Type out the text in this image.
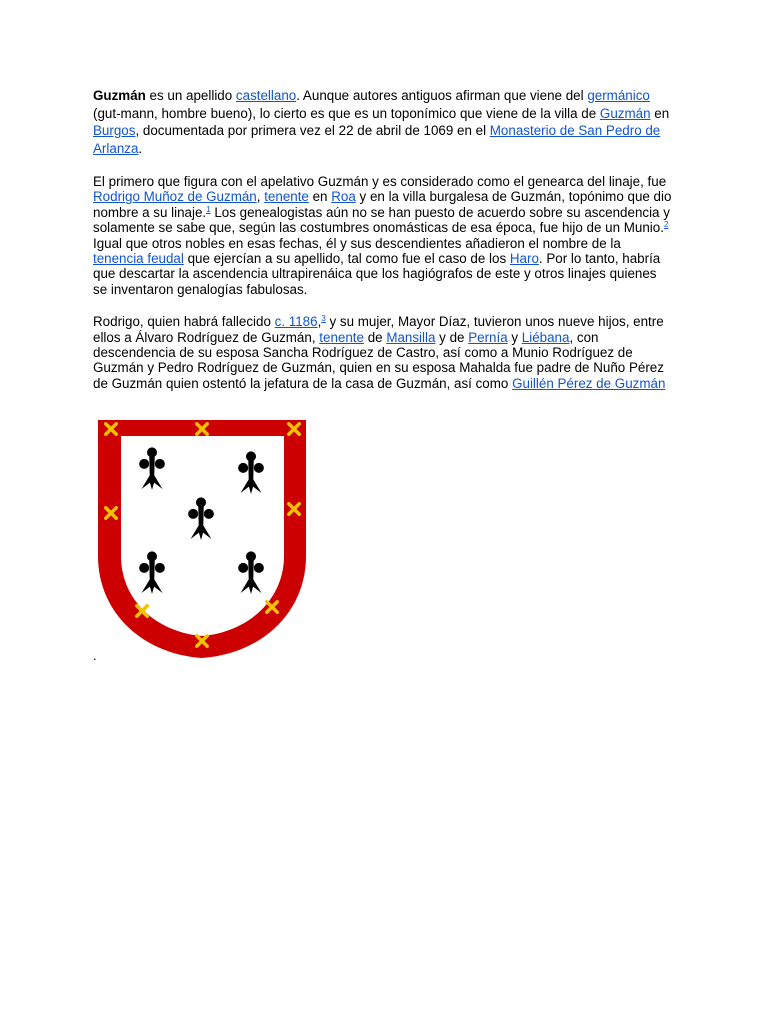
Guzmán es un apellido castellano. Aunque autores antiguos afirman que viene del germánico (gut-mann, hombre bueno), lo cierto es que es un toponímico que viene de la villa de Guzmán en Burgos, documentada por primera vez el 22 de abril de 1069 en el Monasterio de San Pedro de Arlanza.

El primero que figura con el apelativo Guzmán y es considerado como el genearca del linaje, fue Rodrigo Muñoz de Guzmán, tenente en Roa y en la villa burgalesa de Guzmán, topónimo que dio nombre a su linaje.$^1$ Los genealogistas aún no se han puesto de acuerdo sobre su ascendencia y solamente se sabe que, según las costumbres onomásticas de esa época, fue hijo de un Munio.$^2$ Igual que otros nobles en esas fechas, él y sus descendientes añadieron el nombre de la tenencia feudal que ejercían a su apellido, tal como fue el caso de los Haro. Por lo tanto, habría que descartar la ascendencia ultrapirenáica que los hagiógrafos de este y otros linajes quienes se inventaron genalogías fabulosas.

Rodrigo, quien habrá fallecido c. 1186,$^3$ y su mujer, Mayor Díaz, tuvieron unos nueve hijos, entre ellos a Álvaro Rodríguez de Guzmán, tenente de Mansilla y de Pernía y Liébana, con descendencia de su esposa Sancha Rodríguez de Castro, así como a Munio Rodríguez de Guzmán y Pedro Rodríguez de Guzmán, quien en su esposa Mahalda fue padre de Nuño Pérez de Guzmán quien ostentó la jefatura de la casa de Guzmán, así como Guillén Pérez de Guzmán

.
